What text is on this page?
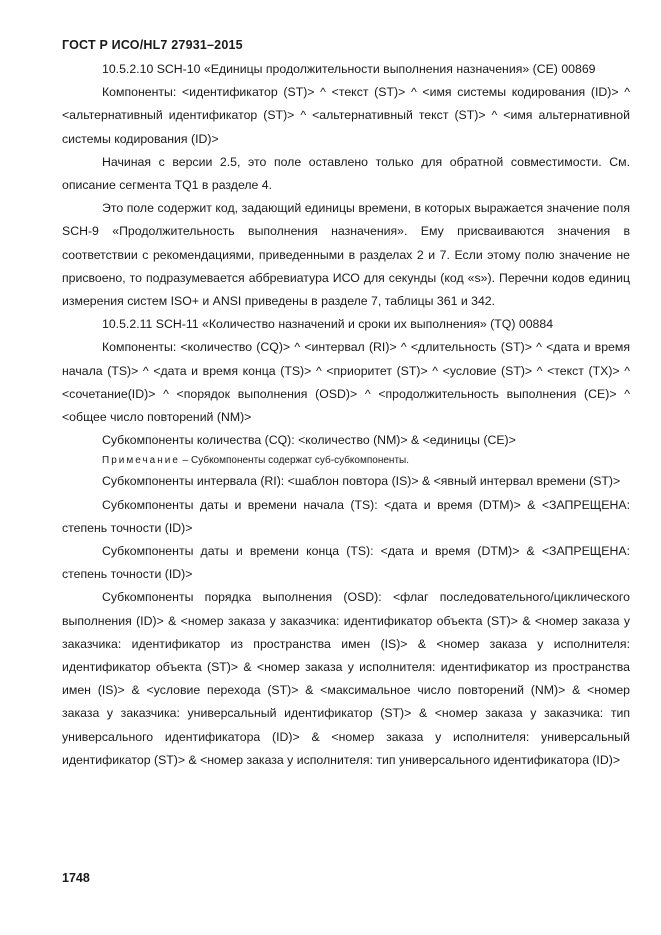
ГОСТ Р ИСО/HL7 27931–2015

10.5.2.10 SCH-10 «Единицы продолжительности выполнения назначения» (CE) 00869

Компоненты: <идентификатор (ST)> ^ <текст (ST)> ^ <имя системы кодирования (ID)> ^ <альтернативный идентификатор (ST)> ^ <альтернативный текст (ST)> ^ <имя альтернативной системы кодирования (ID)>

Начиная с версии 2.5, это поле оставлено только для обратной совместимости. См. описание сегмента TQ1 в разделе 4.

Это поле содержит код, задающий единицы времени, в которых выражается значение поля SCH-9 «Продолжительность выполнения назначения». Ему присваиваются значения в соответствии с рекомендациями, приведенными в разделах 2 и 7. Если этому полю значение не присвоено, то подразумевается аббревиатура ИСО для секунды (код «s»). Перечни кодов единиц измерения систем ISO+ и ANSI приведены в разделе 7, таблицы 361 и 342.

10.5.2.11 SCH-11 «Количество назначений и сроки их выполнения» (TQ) 00884

Компоненты: <количество (CQ)> ^ <интервал (RI)> ^ <длительность (ST)> ^ <дата и время начала (TS)> ^ <дата и время конца (TS)> ^ <приоритет (ST)> ^ <условие (ST)> ^ <текст (TX)> ^ <сочетание(ID)> ^ <порядок выполнения (OSD)> ^ <продолжительность выполнения (CE)> ^ <общее число повторений (NM)>

Субкомпоненты количества (CQ): <количество (NM)> & <единицы (CE)>

Примечание – Субкомпоненты содержат суб-субкомпоненты.

Субкомпоненты интервала (RI): <шаблон повтора (IS)> & <явный интервал времени (ST)>

Субкомпоненты даты и времени начала (TS): <дата и время (DTM)> & <ЗАПРЕЩЕНА: степень точности (ID)>

Субкомпоненты даты и времени конца (TS): <дата и время (DTM)> & <ЗАПРЕЩЕНА: степень точности (ID)>

Субкомпоненты порядка выполнения (OSD): <флаг последовательного/циклического выполнения (ID)> & <номер заказа у заказчика: идентификатор объекта (ST)> & <номер заказа у заказчика: идентификатор из пространства имен (IS)> & <номер заказа у исполнителя: идентификатор объекта (ST)> & <номер заказа у исполнителя: идентификатор из пространства имен (IS)> & <условие перехода (ST)> & <максимальное число повторений (NM)> & <номер заказа у заказчика: универсальный идентификатор (ST)> & <номер заказа у заказчика: тип универсального идентификатора (ID)> & <номер заказа у исполнителя: универсальный идентификатор (ST)> & <номер заказа у исполнителя: тип универсального идентификатора (ID)>

1748
